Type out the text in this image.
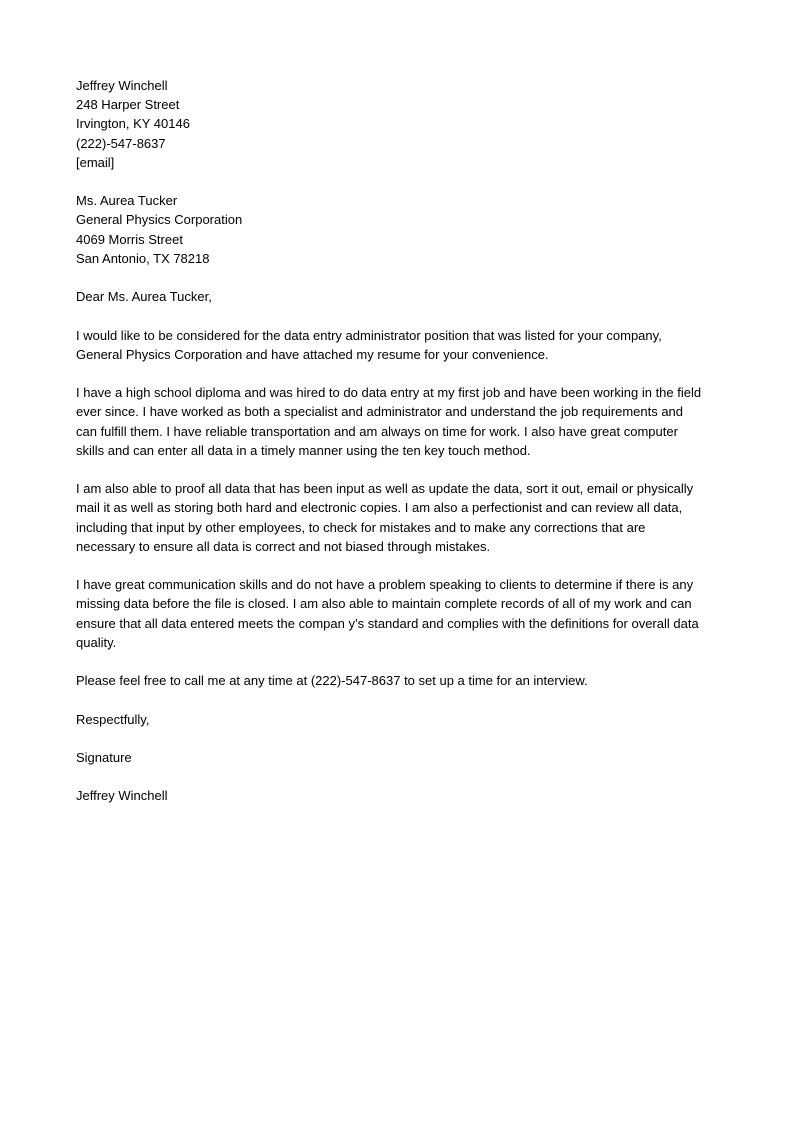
Jeffrey Winchell
248 Harper Street
Irvington, KY 40146
(222)-547-8637
[email]
Ms. Aurea Tucker
General Physics Corporation
4069 Morris Street
San Antonio, TX 78218
Dear Ms. Aurea Tucker,
I would like to be considered for the data entry administrator position that was listed for your company,
General Physics Corporation and have attached my resume for your convenience.
I have a high school diploma and was hired to do data entry at my first job and have been working in the field
ever since. I have worked as both a specialist and administrator and understand the job requirements and
can fulfill them. I have reliable transportation and am always on time for work. I also have great computer
skills and can enter all data in a timely manner using the ten key touch method.
I am also able to proof all data that has been input as well as update the data, sort it out, email or physically
mail it as well as storing both hard and electronic copies. I am also a perfectionist and can review all data,
including that input by other employees, to check for mistakes and to make any corrections that are
necessary to ensure all data is correct and not biased through mistakes.
I have great communication skills and do not have a problem speaking to clients to determine if there is any
missing data before the file is closed. I am also able to maintain complete records of all of my work and can
ensure that all data entered meets the compan y’s standard and complies with the definitions for overall data
quality.
Please feel free to call me at any time at (222)-547-8637 to set up a time for an interview.
Respectfully,
Signature
Jeffrey Winchell
